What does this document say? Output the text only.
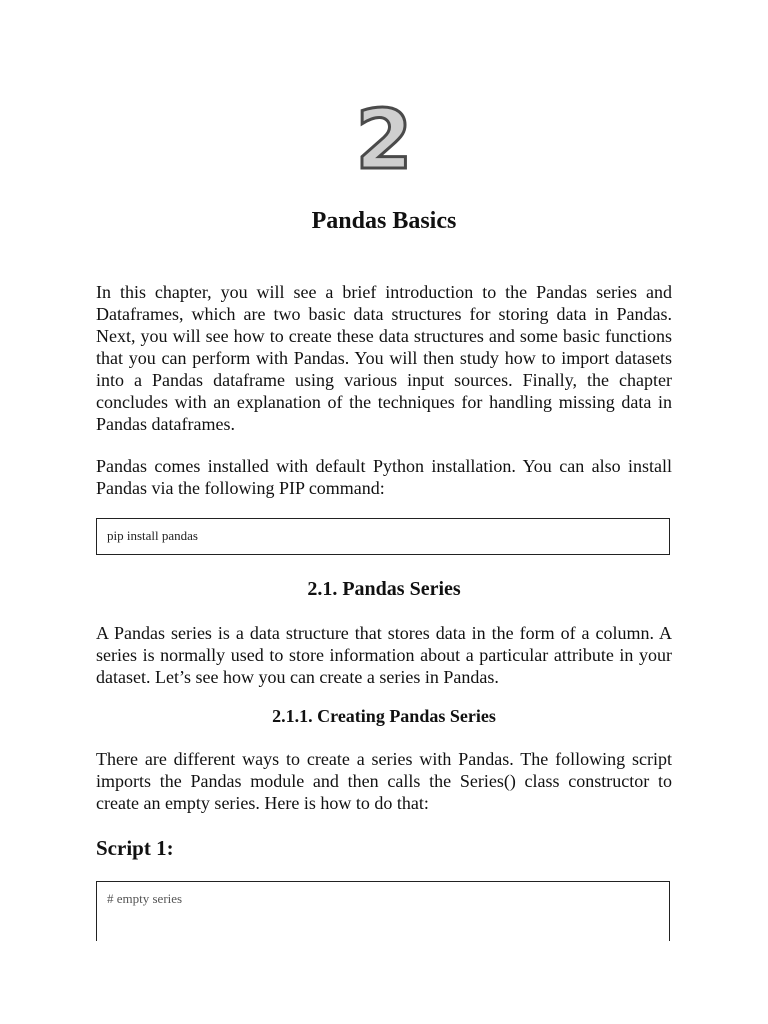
2
Pandas Basics

In this chapter, you will see a brief introduction to the Pandas series and Dataframes, which are two basic data structures for storing data in Pandas. Next, you will see how to create these data structures and some basic functions that you can perform with Pandas. You will then study how to import datasets into a Pandas dataframe using various input sources. Finally, the chapter concludes with an explanation of the techniques for handling missing data in Pandas dataframes.

Pandas comes installed with default Python installation. You can also install Pandas via the following PIP command:

pip install pandas
2.1. Pandas Series

A Pandas series is a data structure that stores data in the form of a column. A series is normally used to store information about a particular attribute in your dataset. Let’s see how you can create a series in Pandas.

2.1.1. Creating Pandas Series

There are different ways to create a series with Pandas. The following script imports the Pandas module and then calls the Series() class constructor to create an empty series. Here is how to do that:

Script 1:
# empty series
